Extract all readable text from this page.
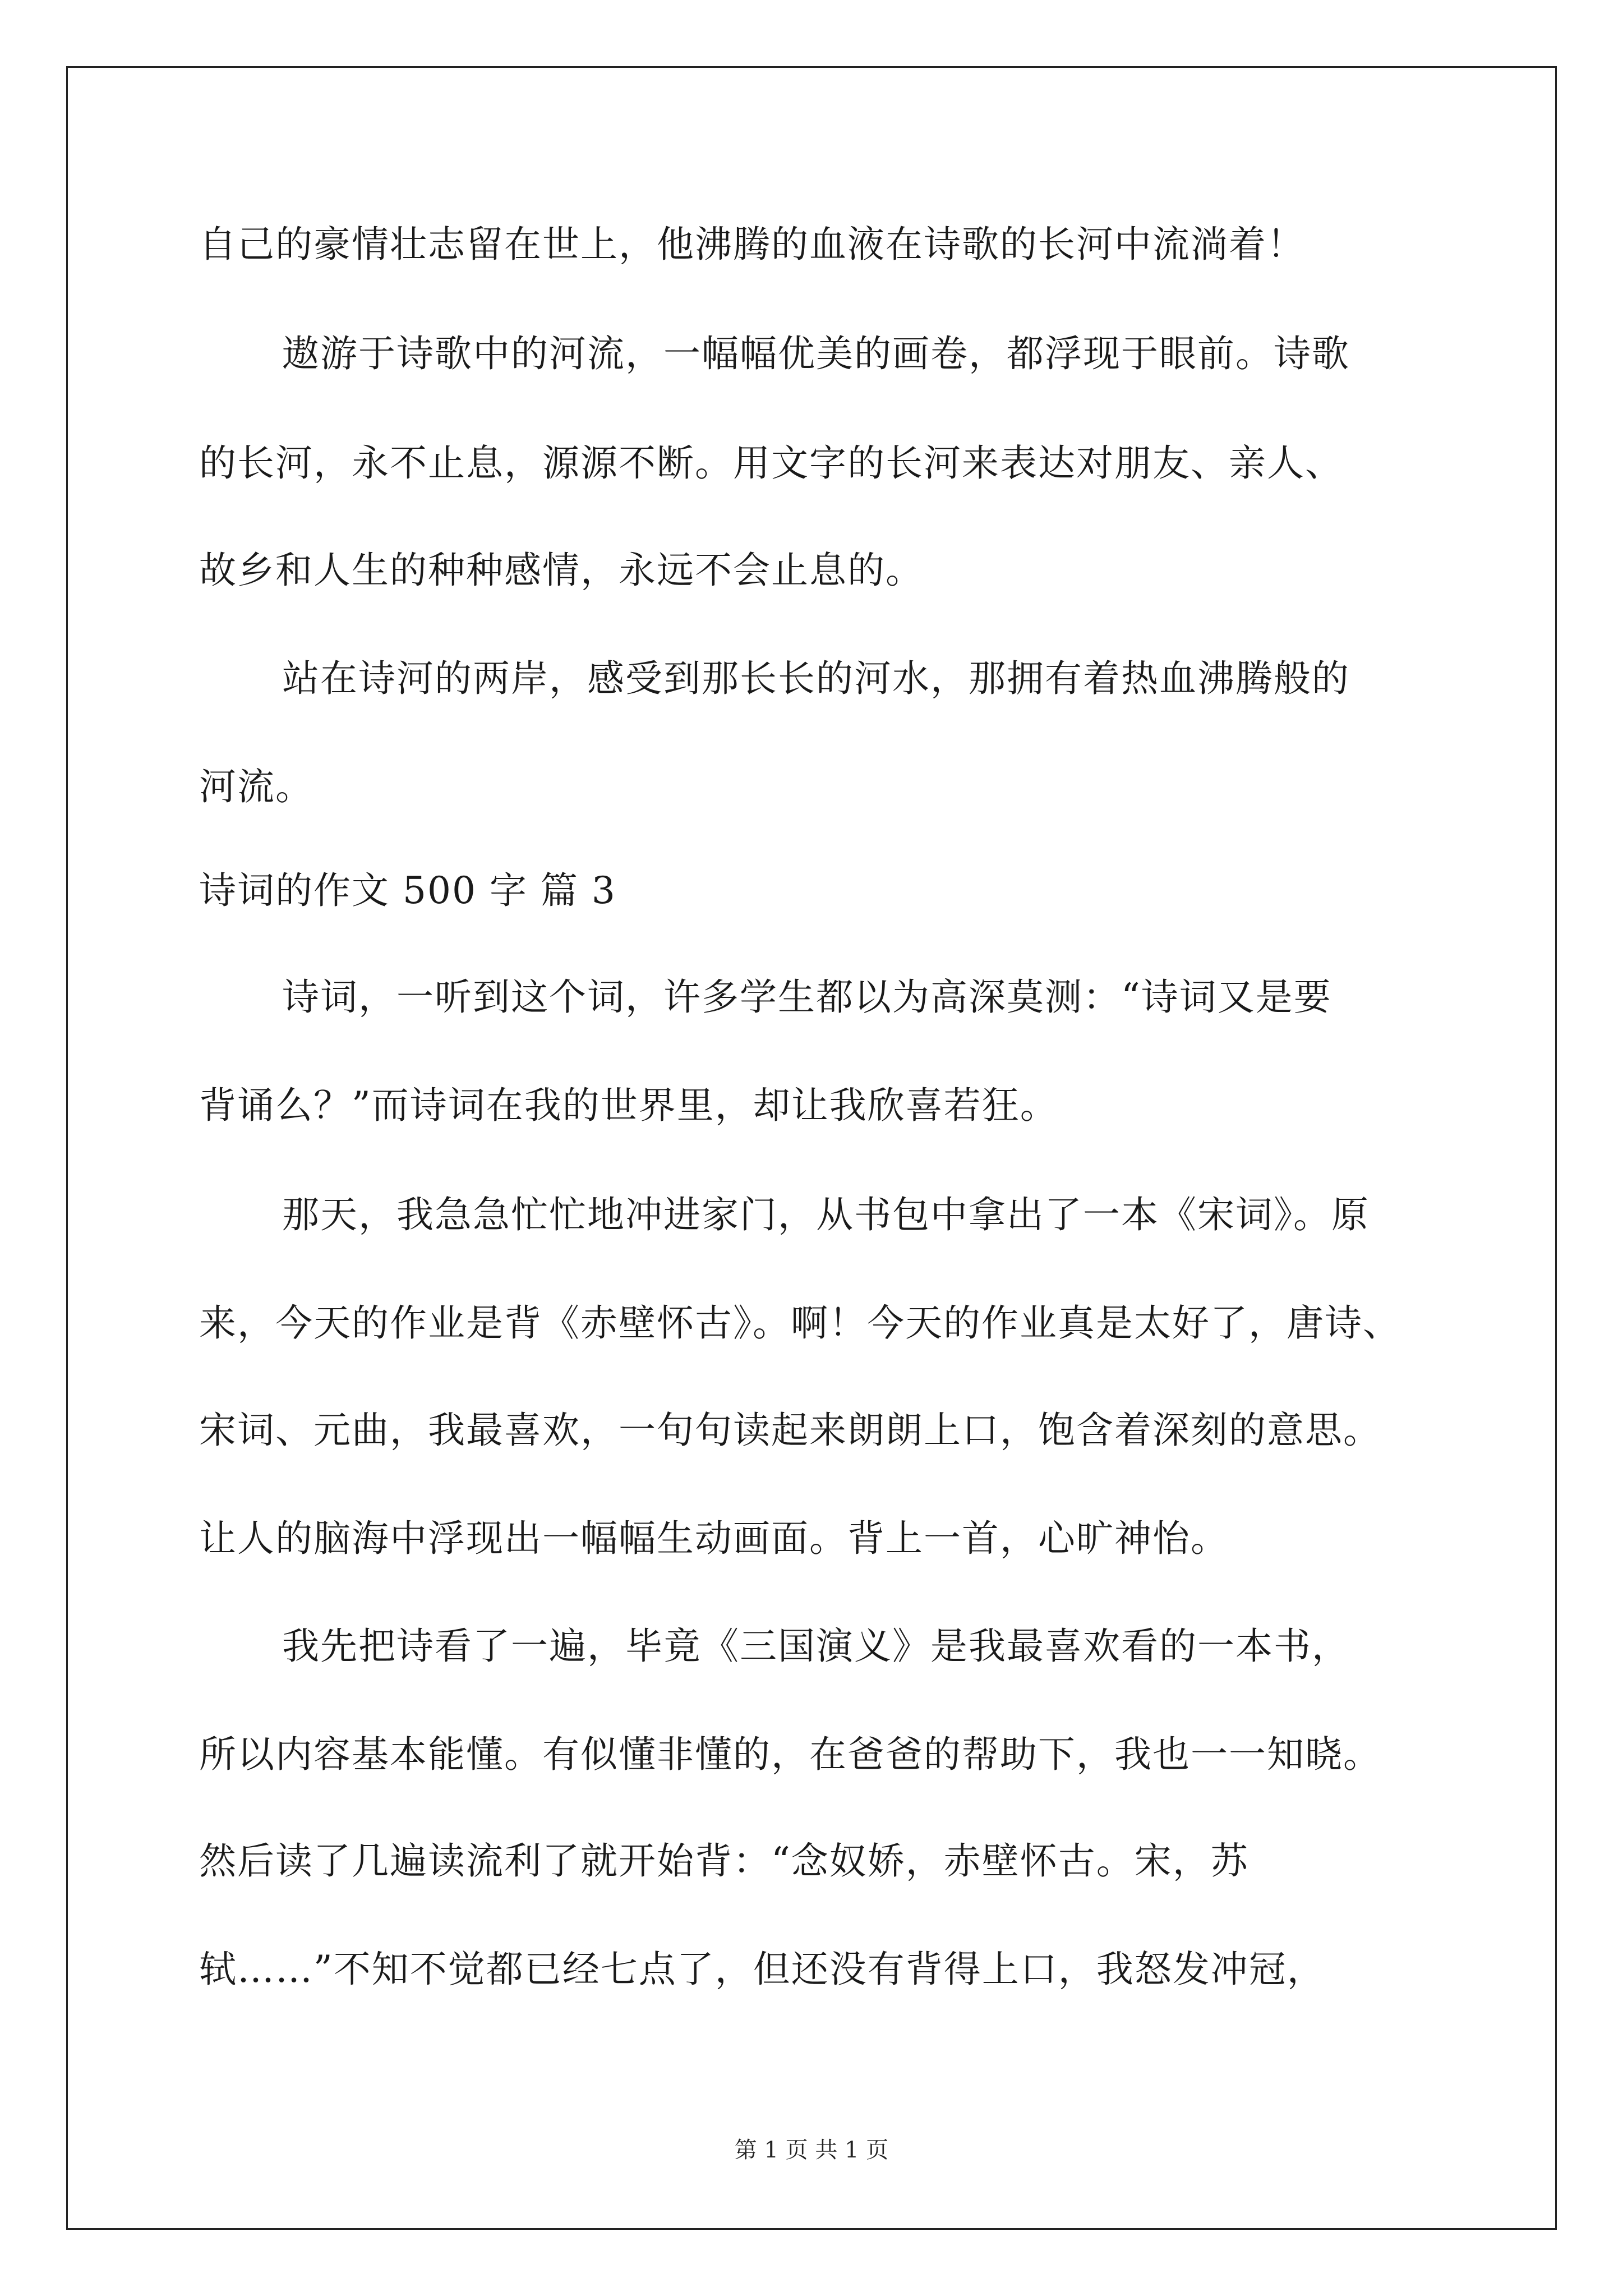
自己的豪情壮志留在世上，他沸腾的血液在诗歌的长河中流淌着！
遨游于诗歌中的河流，一幅幅优美的画卷，都浮现于眼前。诗歌
的长河，永不止息，源源不断。用文字的长河来表达对朋友、亲人、
故乡和人生的种种感情，永远不会止息的。
站在诗河的两岸，感受到那长长的河水，那拥有着热血沸腾般的
河流。
诗词的作文 500 字 篇 3
诗词，一听到这个词，许多学生都以为高深莫测：“诗词又是要
背诵么？”而诗词在我的世界里，却让我欣喜若狂。
那天，我急急忙忙地冲进家门，从书包中拿出了一本《宋词》。原
来，今天的作业是背《赤壁怀古》。啊！今天的作业真是太好了，唐诗、
宋词、元曲，我最喜欢，一句句读起来朗朗上口，饱含着深刻的意思。
让人的脑海中浮现出一幅幅生动画面。背上一首，心旷神怡。
我先把诗看了一遍，毕竟《三国演义》是我最喜欢看的一本书，
所以内容基本能懂。有似懂非懂的，在爸爸的帮助下，我也一一知晓。
然后读了几遍读流利了就开始背：“念奴娇，赤壁怀古。宋，苏
轼……”不知不觉都已经七点了，但还没有背得上口，我怒发冲冠，
第 1 页 共 1 页
